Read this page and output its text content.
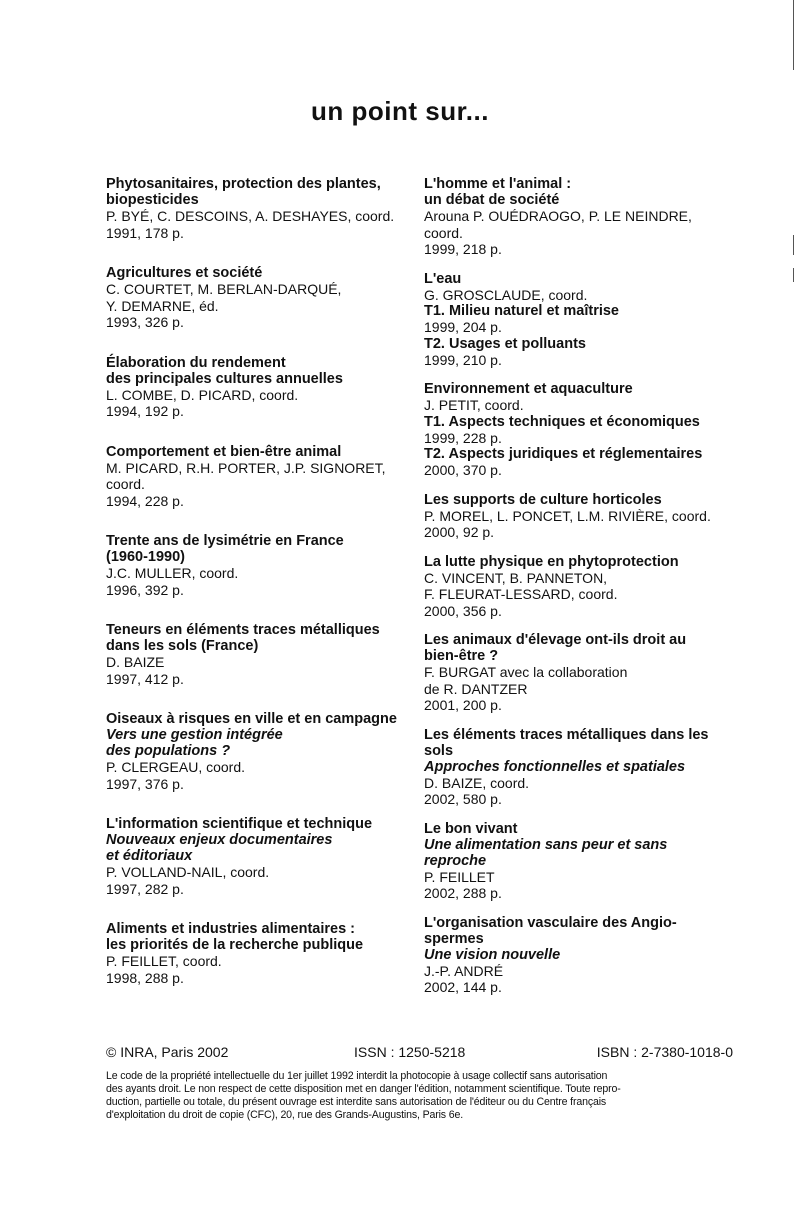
un point sur...
Phytosanitaires, protection des plantes,
biopesticides
P. BYÉ, C. DESCOINS, A. DESHAYES, coord.
1991, 178 p.
Agricultures et société
C. COURTET, M. BERLAN-DARQUÉ,
Y. DEMARNE, éd.
1993, 326 p.
Élaboration du rendement
des principales cultures annuelles
L. COMBE, D. PICARD, coord.
1994, 192 p.
Comportement et bien-être animal
M. PICARD, R.H. PORTER, J.P. SIGNORET,
coord.
1994, 228 p.
Trente ans de lysimétrie en France
(1960-1990)
J.C. MULLER, coord.
1996, 392 p.
Teneurs en éléments traces métalliques
dans les sols (France)
D. BAIZE
1997, 412 p.
Oiseaux à risques en ville et en campagne
Vers une gestion intégrée
des populations ?
P. CLERGEAU, coord.
1997, 376 p.
L'information scientifique et technique
Nouveaux enjeux documentaires
et éditoriaux
P. VOLLAND-NAIL, coord.
1997, 282 p.
Aliments et industries alimentaires :
les priorités de la recherche publique
P. FEILLET, coord.
1998, 288 p.
L'homme et l'animal :
un débat de société
Arouna P. OUÉDRAOGO, P. LE NEINDRE,
coord.
1999, 218 p.
L'eau
G. GROSCLAUDE, coord.
T1. Milieu naturel et maîtrise
1999, 204 p.
T2. Usages et polluants
1999, 210 p.
Environnement et aquaculture
J. PETIT, coord.
T1. Aspects techniques et économiques
1999, 228 p.
T2. Aspects juridiques et réglementaires
2000, 370 p.
Les supports de culture horticoles
P. MOREL, L. PONCET, L.M. RIVIÈRE, coord.
2000, 92 p.
La lutte physique en phytoprotection
C. VINCENT, B. PANNETON,
F. FLEURAT-LESSARD, coord.
2000, 356 p.
Les animaux d'élevage ont-ils droit au
bien-être ?
F. BURGAT avec la collaboration
de R. DANTZER
2001, 200 p.
Les éléments traces métalliques dans les
sols
Approches fonctionnelles et spatiales
D. BAIZE, coord.
2002, 580 p.
Le bon vivant
Une alimentation sans peur et sans
reproche
P. FEILLET
2002, 288 p.
L'organisation vasculaire des Angio-
spermes
Une vision nouvelle
J.-P. ANDRÉ
2002, 144 p.
© INRA, Paris 2002	ISSN : 1250-5218	ISBN : 2-7380-1018-0
Le code de la propriété intellectuelle du 1er juillet 1992 interdit la photocopie à usage collectif sans autorisation
des ayants droit. Le non respect de cette disposition met en danger l'édition, notamment scientifique. Toute repro-
duction, partielle ou totale, du présent ouvrage est interdite sans autorisation de l'éditeur ou du Centre français
d'exploitation du droit de copie (CFC), 20, rue des Grands-Augustins, Paris 6e.
